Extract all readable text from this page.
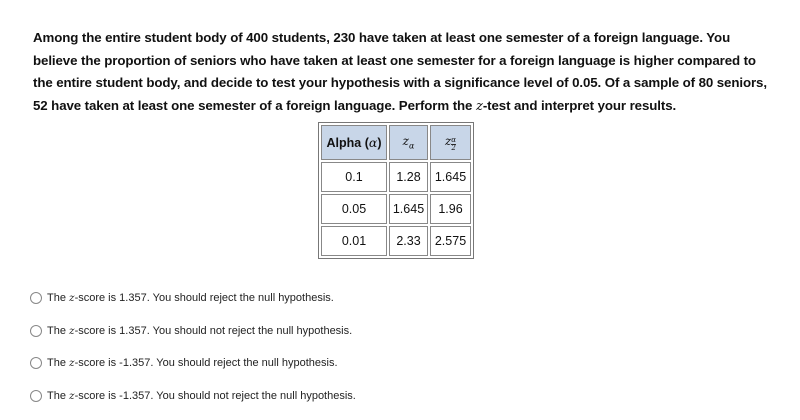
Among the entire student body of 400 students, 230 have taken at least one semester of a foreign language. You believe the proportion of seniors who have taken at least one semester for a foreign language is higher compared to the entire student body, and decide to test your hypothesis with a significance level of 0.05. Of a sample of 80 seniors, 52 have taken at least one semester of a foreign language. Perform the z-test and interpret your results.
Alpha (α)	$z_\alpha$	z $\frac{\alpha}{2}$

0.1	1.28	1.645
0.05	1.645	1.96
0.01	2.33	2.575
The z-score is 1.357. You should reject the null hypothesis.
The z-score is 1.357. You should not reject the null hypothesis.
The z-score is -1.357. You should reject the null hypothesis.
The z-score is -1.357. You should not reject the null hypothesis.
